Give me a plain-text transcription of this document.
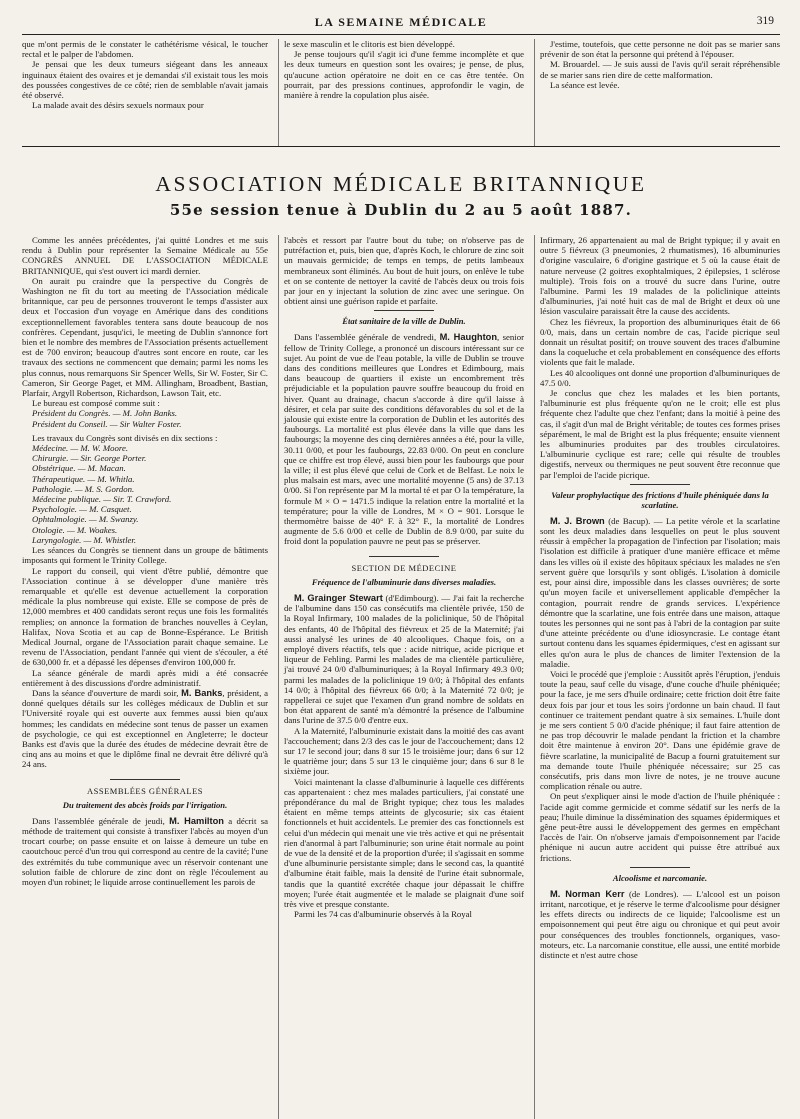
LA SEMAINE MÉDICALE	319

que m'ont permis de le constater le cathétérisme vésical, le toucher rectal et le palper de l'abdomen.

Je pensai que les deux tumeurs siégeant dans les anneaux inguinaux étaient des ovaires et je demandai s'il existait tous les mois des poussées congestives de ce côté; rien de semblable n'avait jamais été observé.

La malade avait des désirs sexuels normaux pour

le sexe masculin et le clitoris est bien développé.

Je pense toujours qu'il s'agit ici d'une femme incomplète et que les deux tumeurs en question sont les ovaires; je pense, de plus, qu'aucune action opératoire ne doit en ce cas être tentée. On pourrait, par des pressions continues, approfondir le vagin, de manière à rendre la copulation plus aisée.

J'estime, toutefois, que cette personne ne doit pas se marier sans prévenir de son état la personne qui prétend à l'épouser.

M. Brouardel. — Je suis aussi de l'avis qu'il serait répréhensible de se marier sans rien dire de cette malformation.

La séance est levée.

ASSOCIATION MÉDICALE BRITANNIQUE
55e session tenue à Dublin du 2 au 5 août 1887.

Comme les années précédentes, j'ai quitté Londres et me suis rendu à Dublin pour représenter la Semaine Médicale au 55e CONGRÈS ANNUEL DE L'ASSOCIATION MÉDICALE BRITANNIQUE, qui s'est ouvert ici mardi dernier.

On aurait pu craindre que la perspective du Congrès de Washington ne fît du tort au meeting de l'Association médicale britannique, car peu de personnes trouveront le temps d'assister aux deux et l'occasion d'un voyage en Amérique dans des conditions exceptionnellement favorables tentera sans doute beaucoup de nos confrères. Cependant, jusqu'ici, le meeting de Dublin s'annonce fort bien et le nombre des membres de l'Association présents actuellement est de 700 environ; beaucoup d'autres sont encore en route, car les travaux des sections ne commencent que demain; parmi les noms les plus connus, nous remarquons Sir Spencer Wells, Sir W. Foster, Sir C. Cameron, Sir George Paget, et MM. Allingham, Broadbent, Bastian, Plarfair, Argyll Robertson, Richardson, Lawson Tait, etc.

Le bureau est composé comme suit :

Président du Congrès. — M. John Banks.

Président du Conseil. — Sir Walter Foster.

Les travaux du Congrès sont divisés en dix sections :

Médecine. — M. W. Moore.

Chirurgie. — Sir. George Porter.

Obstétrique. — M. Macan.

Thérapeutique. — M. Whitla.

Pathologie. — M. S. Gordon.

Médecine publique. — Sir. T. Crawford.

Psychologie. — M. Casquet.

Ophtalmologie. — M. Swanzy.

Otologie. — M. Woakes.

Laryngologie. — M. Whistler.

Les séances du Congrès se tiennent dans un groupe de bâtiments imposants qui forment le Trinity College.

Le rapport du conseil, qui vient d'être publié, démontre que l'Association continue à se développer d'une manière très remarquable et qu'elle est devenue actuellement la corporation médicale la plus nombreuse qui existe. Elle se compose de près de 12,000 membres et 400 candidats seront reçus une fois les formalités remplies; on annonce la formation de branches nouvelles à Ceylan, Halifax, Nova Scotia et au cap de Bonne-Espérance. Le British Medical Journal, organe de l'Association parait chaque semaine. Le revenu de l'Association, pendant l'année qui vient de s'écouler, a été de 630,000 fr. et a dépassé les dépenses d'environ 100,000 fr.

La séance générale de mardi après midi a été consacrée entièrement à des discussions d'ordre administratif.

Dans la séance d'ouverture de mardi soir, M. Banks, président, a donné quelques détails sur les collèges médicaux de Dublin et sur l'Université royale qui est ouverte aux femmes aussi bien qu'aux hommes; les candidats en médecine sont tenus de passer un examen de psychologie, ce qui est exceptionnel en Angleterre; le docteur Banks est d'avis que la durée des études de médecine devrait être de cinq ans au moins et que le diplôme final ne devrait être délivré qu'à 24 ans.

ASSEMBLÉES GÉNÉRALES
Du traitement des abcès froids par l'irrigation.

Dans l'assemblée générale de jeudi, M. Hamilton a décrit sa méthode de traitement qui consiste à transfixer l'abcès au moyen d'un trocart courbe; on passe ensuite et on laisse à demeure un tube en caoutchouc percé d'un trou qui correspond au centre de la cavité; l'une des extrémités du tube communique avec un réservoir contenant une solution faible de chlorure de zinc dont on règle l'écoulement au moyen d'un robinet; le liquide arrose continuellement les parois de

l'abcès et ressort par l'autre bout du tube; on n'observe pas de putréfaction et, puis, bien que, d'après Koch, le chlorure de zinc soit un mauvais germicide; de temps en temps, de petits lambeaux membraneux sont éliminés. Au bout de huit jours, on enlève le tube et on se contente de nettoyer la cavité de l'abcès deux ou trois fois par jour en y injectant la solution de zinc avec une seringue. On obtient ainsi une guérison rapide et parfaite.

État sanitaire de la ville de Dublin.

Dans l'assemblée générale de vendredi, M. Haughton, senior fellow de Trinity College, a prononcé un discours intéressant sur ce sujet. Au point de vue de l'eau potable, la ville de Dublin se trouve dans des conditions meilleures que Londres et Edimbourg, mais dans beaucoup de quartiers il existe un encombrement très préjudiciable et la population pauvre souffre beaucoup du froid en hiver. Quant au drainage, chacun s'accorde à dire qu'il laisse à désirer, et cela par suite des conditions défavorables du sol et de la jalousie qui existe entre la corporation de Dublin et les autorités des faubourgs. La mortalité est plus élevée dans la ville que dans les faubourgs; la moyenne des cinq dernières années a été, pour la ville, 30.11 0/00, et pour les faubourgs, 22.83 0/00. On peut en conclure que ce chiffre est trop élevé, aussi bien pour les faubourgs que pour la ville; il est plus élevé que celui de Cork et de Belfast. Le noix le plus malsain est mars, avec une mortalité moyenne (5 ans) de 37.13 0/00. Si l'on représente par M la mortal té et par O la température, la formule M × O = 1471.5 indique la relation entre la mortalité et la température; pour la ville de Londres, M × O = 901. Lorsque le thermomètre baisse de 40° F. à 32° F., la mortalité de Londres augmente de 5.6 0/00 et celle de Dublin de 8.9 0/00, par suite du froid dont la population pauvre ne peut pas se préserver.

SECTION DE MÉDECINE
Fréquence de l'albuminurie dans diverses maladies.

M. Grainger Stewart (d'Edimbourg). — J'ai fait la recherche de l'albumine dans 150 cas consécutifs ma clientèle privée, 150 de la Royal Infirmary, 100 malades de la policlinique, 50 de l'hôpital des enfants, 40 de l'hôpital des fiévreux et 25 de la Maternité; j'ai aussi analysé les urines de 40 alcooliques. Chaque fois, on a employé divers réactifs, tels que : acide nitrique, acide picrique et liqueur de Fehling. Parmi les malades de ma clientèle particulière, j'ai trouvé 24 0/0 d'albuminuriques; à la Royal Infirmary 49.3 0/0; parmi les malades de la policlinique 19 0/0; à l'hôpital des enfants 14 0/0; à l'hôpital des fiévreux 66 0/0; à la Maternité 72 0/0; je rappellerai ce sujet que l'examen d'un grand nombre de soldats en bon état apparent de santé m'a démontré la présence de l'albumine dans l'urine de 37.5 0/0 d'entre eux.

A la Maternité, l'albuminurie existait dans la moitié des cas avant l'accouchement; dans 2/3 des cas le jour de l'accouchement; dans 12 sur 17 le second jour; dans 8 sur 15 le troisième jour; dans 6 sur 12 le quatrième jour; dans 5 sur 13 le cinquième jour; dans 6 sur 8 le sixième jour.

Voici maintenant la classe d'albuminurie à laquelle ces différents cas appartenaient : chez mes malades particuliers, j'ai constaté une prépondérance du mal de Bright typique; chez tous les malades étaient en même temps atteints de glycosurie; six cas étaient fonctionnels et huit accidentels. Le premier des cas fonctionnels est celui d'un médecin qui menait une vie très active et qui ne présentait rien d'anormal à part l'albuminurie; son urine était normale au point de vue de la densité et de la proportion d'urée; il s'agissait en somme d'une albuminurie persistante simple; dans le second cas, la quantité d'albumine était faible, mais la densité de l'urine était subnormale, tandis que la quantité excrétée chaque jour dépassait le chiffre moyen; l'urée était augmentée et le malade se plaignait d'une soif très vive et presque constante.

Parmi les 74 cas d'albuminurie observés à la Royal

Infirmary, 26 appartenaient au mal de Bright typique; il y avait en outre 5 fiévreux (3 pneumonies, 2 rhumatismes), 16 albuminuries d'origine vasculaire, 6 d'origine gastrique et 5 où la cause était de nature nerveuse (2 goitres exophtalmiques, 2 épilepsies, 1 sclérose multiple). Trois fois on a trouvé du sucre dans l'urine, outre l'albumine. Parmi les 19 malades de la policlinique atteints d'albuminuries, j'ai noté huit cas de mal de Bright et deux où une lésion vasculaire paraissait être la cause des accidents.

Chez les fiévreux, la proportion des albuminuriques était de 66 0/0, mais, dans un certain nombre de cas, l'acide picrique seul donnait un résultat positif; on trouve souvent des traces d'albumine dans la coqueluche et cela probablement en conséquence des efforts violents que fait le malade.

Les 40 alcooliques ont donné une proportion d'albuminuriques de 47.5 0/0.

Je conclus que chez les malades et les bien portants, l'albuminurie est plus fréquente qu'on ne le croit; elle est plus fréquente chez l'adulte que chez l'enfant; dans la moitié à peine des cas, il s'agit d'un mal de Bright véritable; de toutes ces formes prises séparément, le mal de Bright est la plus fréquente; ensuite viennent les albuminuries produites par des troubles circulatoires. L'albuminurie cyclique est rare; celle qui résulte de troubles digestifs, nerveux ou thermiques ne peut souvent être reconnue que par l'emploi de l'acide picrique.

Valeur prophylactique des frictions d'huile phéniquée dans la scarlatine.

M. J. Brown (de Bacup). — La petite vérole et la scarlatine sont les deux maladies dans lesquelles on peut le plus souvent réussir à empêcher la propagation de l'infection par l'isolation; mais l'isolation est difficile à pratiquer d'une manière efficace et même dans les villes où il existe des hôpitaux spéciaux les malades ne s'en servent guère que lorsqu'ils y sont obligés. L'isolation à domicile est, pour ainsi dire, impossible dans les classes ouvrières; de sorte qu'un moyen facile et universellement applicable d'empêcher la contagion, pourrait rendre de grands services. L'expérience démontre que la scarlatine, une fois entrée dans une maison, attaque toutes les personnes qui ne sont pas à l'abri de la contagion par suite d'une atteinte précédente ou d'une idiosyncrasie. Le contage étant surtout contenu dans les squames épidermiques, c'est en agissant sur elles qu'on aura le plus de chances de limiter l'extension de la maladie.

Voici le procédé que j'emploie : Aussitôt après l'éruption, j'enduis toute la peau, sauf celle du visage, d'une couche d'huile phéniquée; pour la face, je me sers d'huile ordinaire; cette friction doit être faite deux fois par jour et tous les soirs j'ordonne un bain chaud. Il faut continuer ce traitement pendant quatre à six semaines. L'huile dont je me sers contient 5 0/0 d'acide phénique; il faut faire attention de ne pas trop découvrir le malade pendant la friction et la chambre doit être maintenue à environ 20°. Dans une épidémie grave de fièvre scarlatine, la municipalité de Bacup a fourni gratuitement sur ma demande toute l'huile phéniquée nécessaire; sur 25 cas consécutifs, pris dans mon livre de notes, je ne trouve aucune complication rénale ou autre.

On peut s'expliquer ainsi le mode d'action de l'huile phéniquée : l'acide agit comme germicide et comme sédatif sur les nerfs de la peau; l'huile diminue la dissémination des squames épidermiques et gêne peut-être aussi le développement des germes en empêchant l'accès de l'air. On n'observe jamais d'empoisonnement par l'acide phénique ni aucun autre accident qui puisse être attribué aux frictions.

Alcoolisme et narcomanie.

M. Norman Kerr (de Londres). — L'alcool est un poison irritant, narcotique, et je réserve le terme d'alcoolisme pour désigner les effets directs ou indirects de ce liquide; l'alcoolisme est un empoisonnement qui peut être aigu ou chronique et qui peut avoir pour conséquences des troubles fonctionnels, organiques, vaso-moteurs, etc. La narcomanie constitue, elle aussi, une entité morbide distincte et n'est autre chose
